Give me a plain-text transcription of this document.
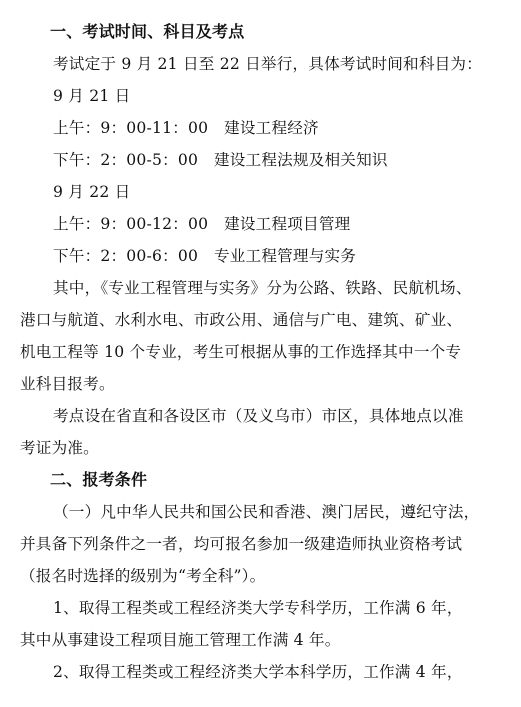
一、考试时间、科目及考点
考试定于 9 月 21 日至 22 日举行，具体考试时间和科目为：
9 月 21 日
上午：9：00-11：00　建设工程经济
下午：2：00-5：00　建设工程法规及相关知识
9 月 22 日
上午：9：00-12：00　建设工程项目管理
下午：2：00-6：00　专业工程管理与实务
其中，《专业工程管理与实务》分为公路、铁路、民航机场、
港口与航道、水利水电、市政公用、通信与广电、建筑、矿业、
机电工程等 10 个专业，考生可根据从事的工作选择其中一个专
业科目报考。
考点设在省直和各设区市（及义乌市）市区，具体地点以准
考证为准。
二、报考条件
（一）凡中华人民共和国公民和香港、澳门居民，遵纪守法，
并具备下列条件之一者，均可报名参加一级建造师执业资格考试
（报名时选择的级别为“考全科”）。
1、取得工程类或工程经济类大学专科学历，工作满 6 年，
其中从事建设工程项目施工管理工作满 4 年。
2、取得工程类或工程经济类大学本科学历，工作满 4 年，
